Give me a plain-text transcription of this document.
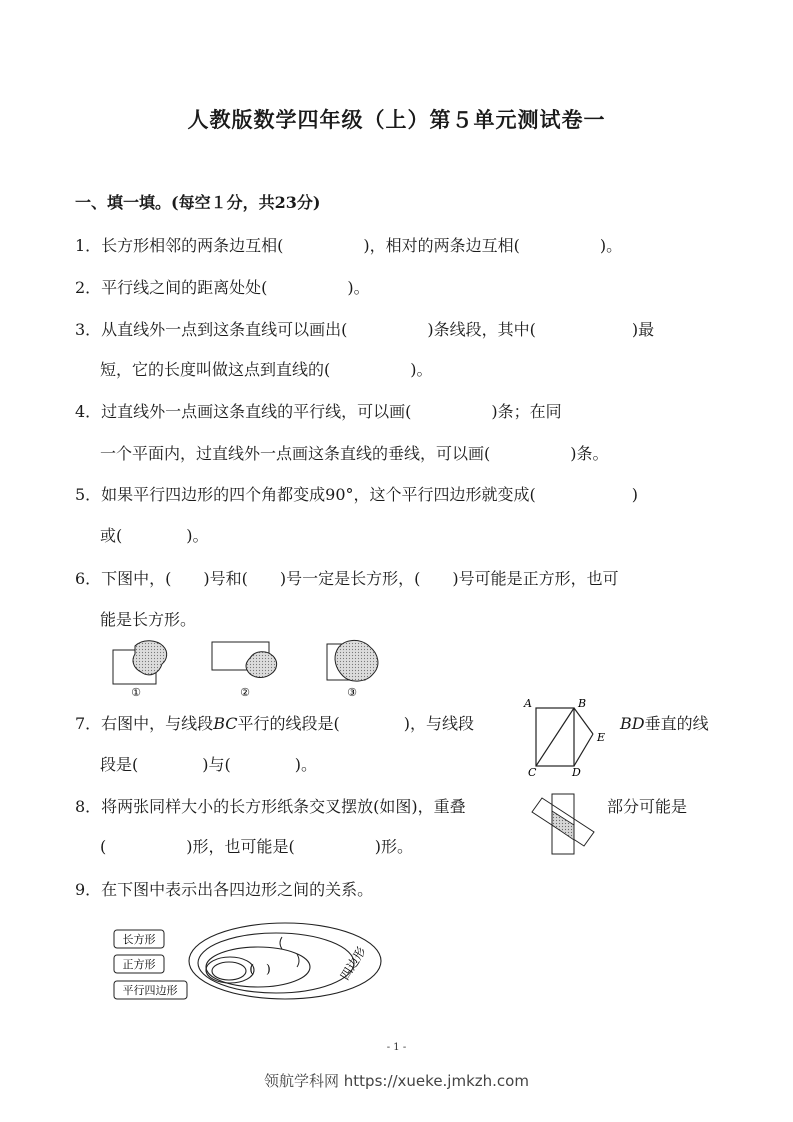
人教版数学四年级（上）第５单元测试卷一
一、填一填。(每空１分，共23分)
1．长方形相邻的两条边互相(　　　　　)，相对的两条边互相(　　　　　)。
2．平行线之间的距离处处(　　　　　)。
3．从直线外一点到这条直线可以画出(　　　　　)条线段，其中(　　　　　　)最
短，它的长度叫做这点到直线的(　　　　　)。
4．过直线外一点画这条直线的平行线，可以画(　　　　　)条；在同
一个平面内，过直线外一点画这条直线的垂线，可以画(　　　　　)条。
5．如果平行四边形的四个角都变成90°，这个平行四边形就变成(　　　　　　)
或(　　　　)。
6．下图中，(　　)号和(　　)号一定是长方形，(　　)号可能是正方形，也可
能是长方形。
①	②	③
7．右图中，与线段BC平行的线段是(　　　　)，与线段	BD垂直的线
段是(　　　　)与(　　　　)。
A	B
E
C	D
8．将两张同样大小的长方形纸条交叉摆放(如图)，重叠	部分可能是
(　　　　　)形，也可能是(　　　　　)形。
9．在下图中表示出各四边形之间的关系。
长方形
正方形
平行四边形
(　)	四边形
- 1 -
领航学科网 https://xueke.jmkzh.com
